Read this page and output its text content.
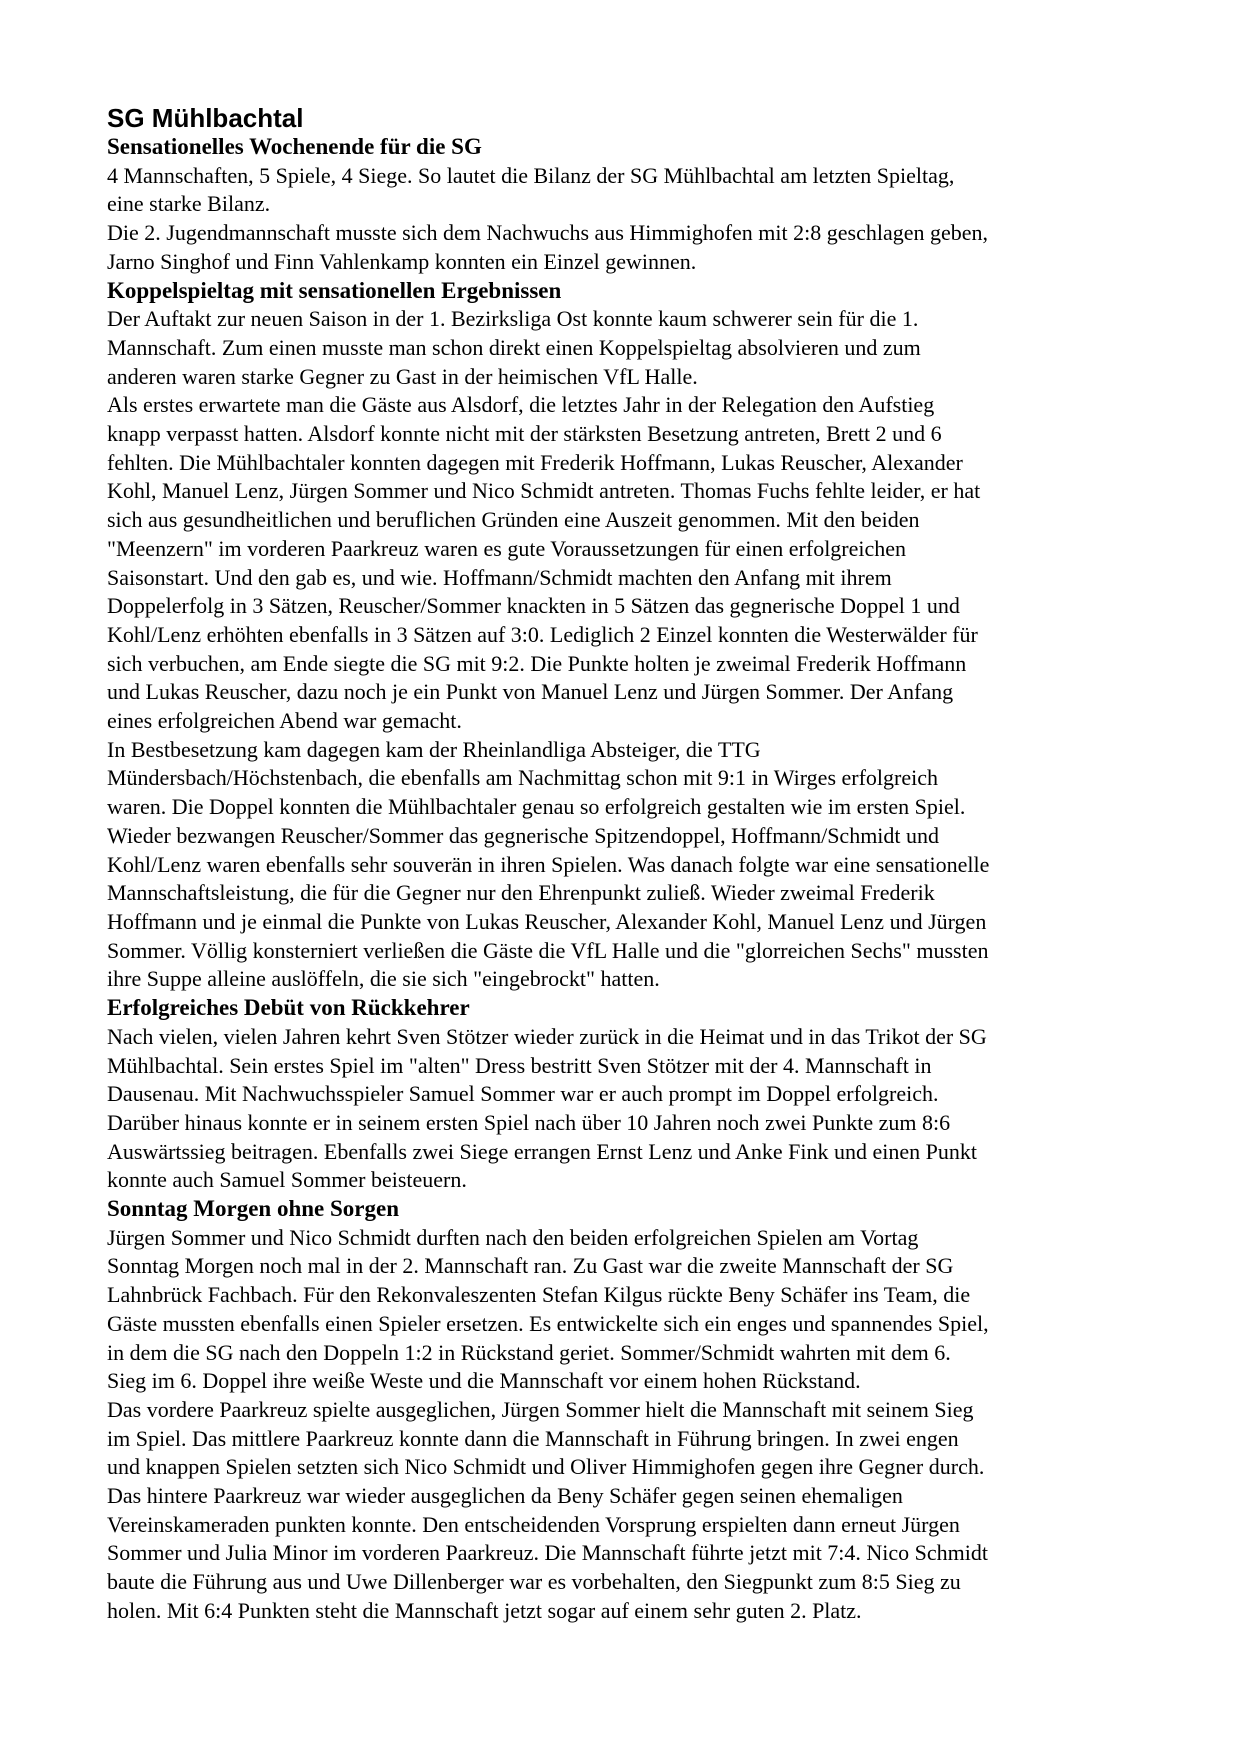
SG Mühlbachtal
Sensationelles Wochenende für die SG
4 Mannschaften, 5 Spiele, 4 Siege. So lautet die Bilanz der SG Mühlbachtal am letzten Spieltag,
eine starke Bilanz.
Die 2. Jugendmannschaft musste sich dem Nachwuchs aus Himmighofen mit 2:8 geschlagen geben,
Jarno Singhof und Finn Vahlenkamp konnten ein Einzel gewinnen.
Koppelspieltag mit sensationellen Ergebnissen
Der Auftakt zur neuen Saison in der 1. Bezirksliga Ost konnte kaum schwerer sein für die 1.
Mannschaft. Zum einen musste man schon direkt einen Koppelspieltag absolvieren und zum
anderen waren starke Gegner zu Gast in der heimischen VfL Halle.
Als erstes erwartete man die Gäste aus Alsdorf, die letztes Jahr in der Relegation den Aufstieg
knapp verpasst hatten. Alsdorf konnte nicht mit der stärksten Besetzung antreten, Brett 2 und 6
fehlten. Die Mühlbachtaler konnten dagegen mit Frederik Hoffmann, Lukas Reuscher, Alexander
Kohl, Manuel Lenz, Jürgen Sommer und Nico Schmidt antreten. Thomas Fuchs fehlte leider, er hat
sich aus gesundheitlichen und beruflichen Gründen eine Auszeit genommen. Mit den beiden
"Meenzern" im vorderen Paarkreuz waren es gute Voraussetzungen für einen erfolgreichen
Saisonstart. Und den gab es, und wie. Hoffmann/Schmidt machten den Anfang mit ihrem
Doppelerfolg in 3 Sätzen, Reuscher/Sommer knackten in 5 Sätzen das gegnerische Doppel 1 und
Kohl/Lenz erhöhten ebenfalls in 3 Sätzen auf 3:0. Lediglich 2 Einzel konnten die Westerwälder für
sich verbuchen, am Ende siegte die SG mit 9:2. Die Punkte holten je zweimal Frederik Hoffmann
und Lukas Reuscher, dazu noch je ein Punkt von Manuel Lenz und Jürgen Sommer. Der Anfang
eines erfolgreichen Abend war gemacht.
In Bestbesetzung kam dagegen kam der Rheinlandliga Absteiger, die TTG
Mündersbach/Höchstenbach, die ebenfalls am Nachmittag schon mit 9:1 in Wirges erfolgreich
waren. Die Doppel konnten die Mühlbachtaler genau so erfolgreich gestalten wie im ersten Spiel.
Wieder bezwangen Reuscher/Sommer das gegnerische Spitzendoppel, Hoffmann/Schmidt und
Kohl/Lenz waren ebenfalls sehr souverän in ihren Spielen. Was danach folgte war eine sensationelle
Mannschaftsleistung, die für die Gegner nur den Ehrenpunkt zuließ. Wieder zweimal Frederik
Hoffmann und je einmal die Punkte von Lukas Reuscher, Alexander Kohl, Manuel Lenz und Jürgen
Sommer. Völlig konsterniert verließen die Gäste die VfL Halle und die "glorreichen Sechs" mussten
ihre Suppe alleine auslöffeln, die sie sich "eingebrockt" hatten.
Erfolgreiches Debüt von Rückkehrer
Nach vielen, vielen Jahren kehrt Sven Stötzer wieder zurück in die Heimat und in das Trikot der SG
Mühlbachtal. Sein erstes Spiel im "alten" Dress bestritt Sven Stötzer mit der 4. Mannschaft in
Dausenau. Mit Nachwuchsspieler Samuel Sommer war er auch prompt im Doppel erfolgreich.
Darüber hinaus konnte er in seinem ersten Spiel nach über 10 Jahren noch zwei Punkte zum 8:6
Auswärtssieg beitragen. Ebenfalls zwei Siege errangen Ernst Lenz und Anke Fink und einen Punkt
konnte auch Samuel Sommer beisteuern.
Sonntag Morgen ohne Sorgen
Jürgen Sommer und Nico Schmidt durften nach den beiden erfolgreichen Spielen am Vortag
Sonntag Morgen noch mal in der 2. Mannschaft ran. Zu Gast war die zweite Mannschaft der SG
Lahnbrück Fachbach. Für den Rekonvaleszenten Stefan Kilgus rückte Beny Schäfer ins Team, die
Gäste mussten ebenfalls einen Spieler ersetzen. Es entwickelte sich ein enges und spannendes Spiel,
in dem die SG nach den Doppeln 1:2 in Rückstand geriet. Sommer/Schmidt wahrten mit dem 6.
Sieg im 6. Doppel ihre weiße Weste und die Mannschaft vor einem hohen Rückstand.
Das vordere Paarkreuz spielte ausgeglichen, Jürgen Sommer hielt die Mannschaft mit seinem Sieg
im Spiel. Das mittlere Paarkreuz konnte dann die Mannschaft in Führung bringen. In zwei engen
und knappen Spielen setzten sich Nico Schmidt und Oliver Himmighofen gegen ihre Gegner durch.
Das hintere Paarkreuz war wieder ausgeglichen da Beny Schäfer gegen seinen ehemaligen
Vereinskameraden punkten konnte. Den entscheidenden Vorsprung erspielten dann erneut Jürgen
Sommer und Julia Minor im vorderen Paarkreuz. Die Mannschaft führte jetzt mit 7:4. Nico Schmidt
baute die Führung aus und Uwe Dillenberger war es vorbehalten, den Siegpunkt zum 8:5 Sieg zu
holen. Mit 6:4 Punkten steht die Mannschaft jetzt sogar auf einem sehr guten 2. Platz.
